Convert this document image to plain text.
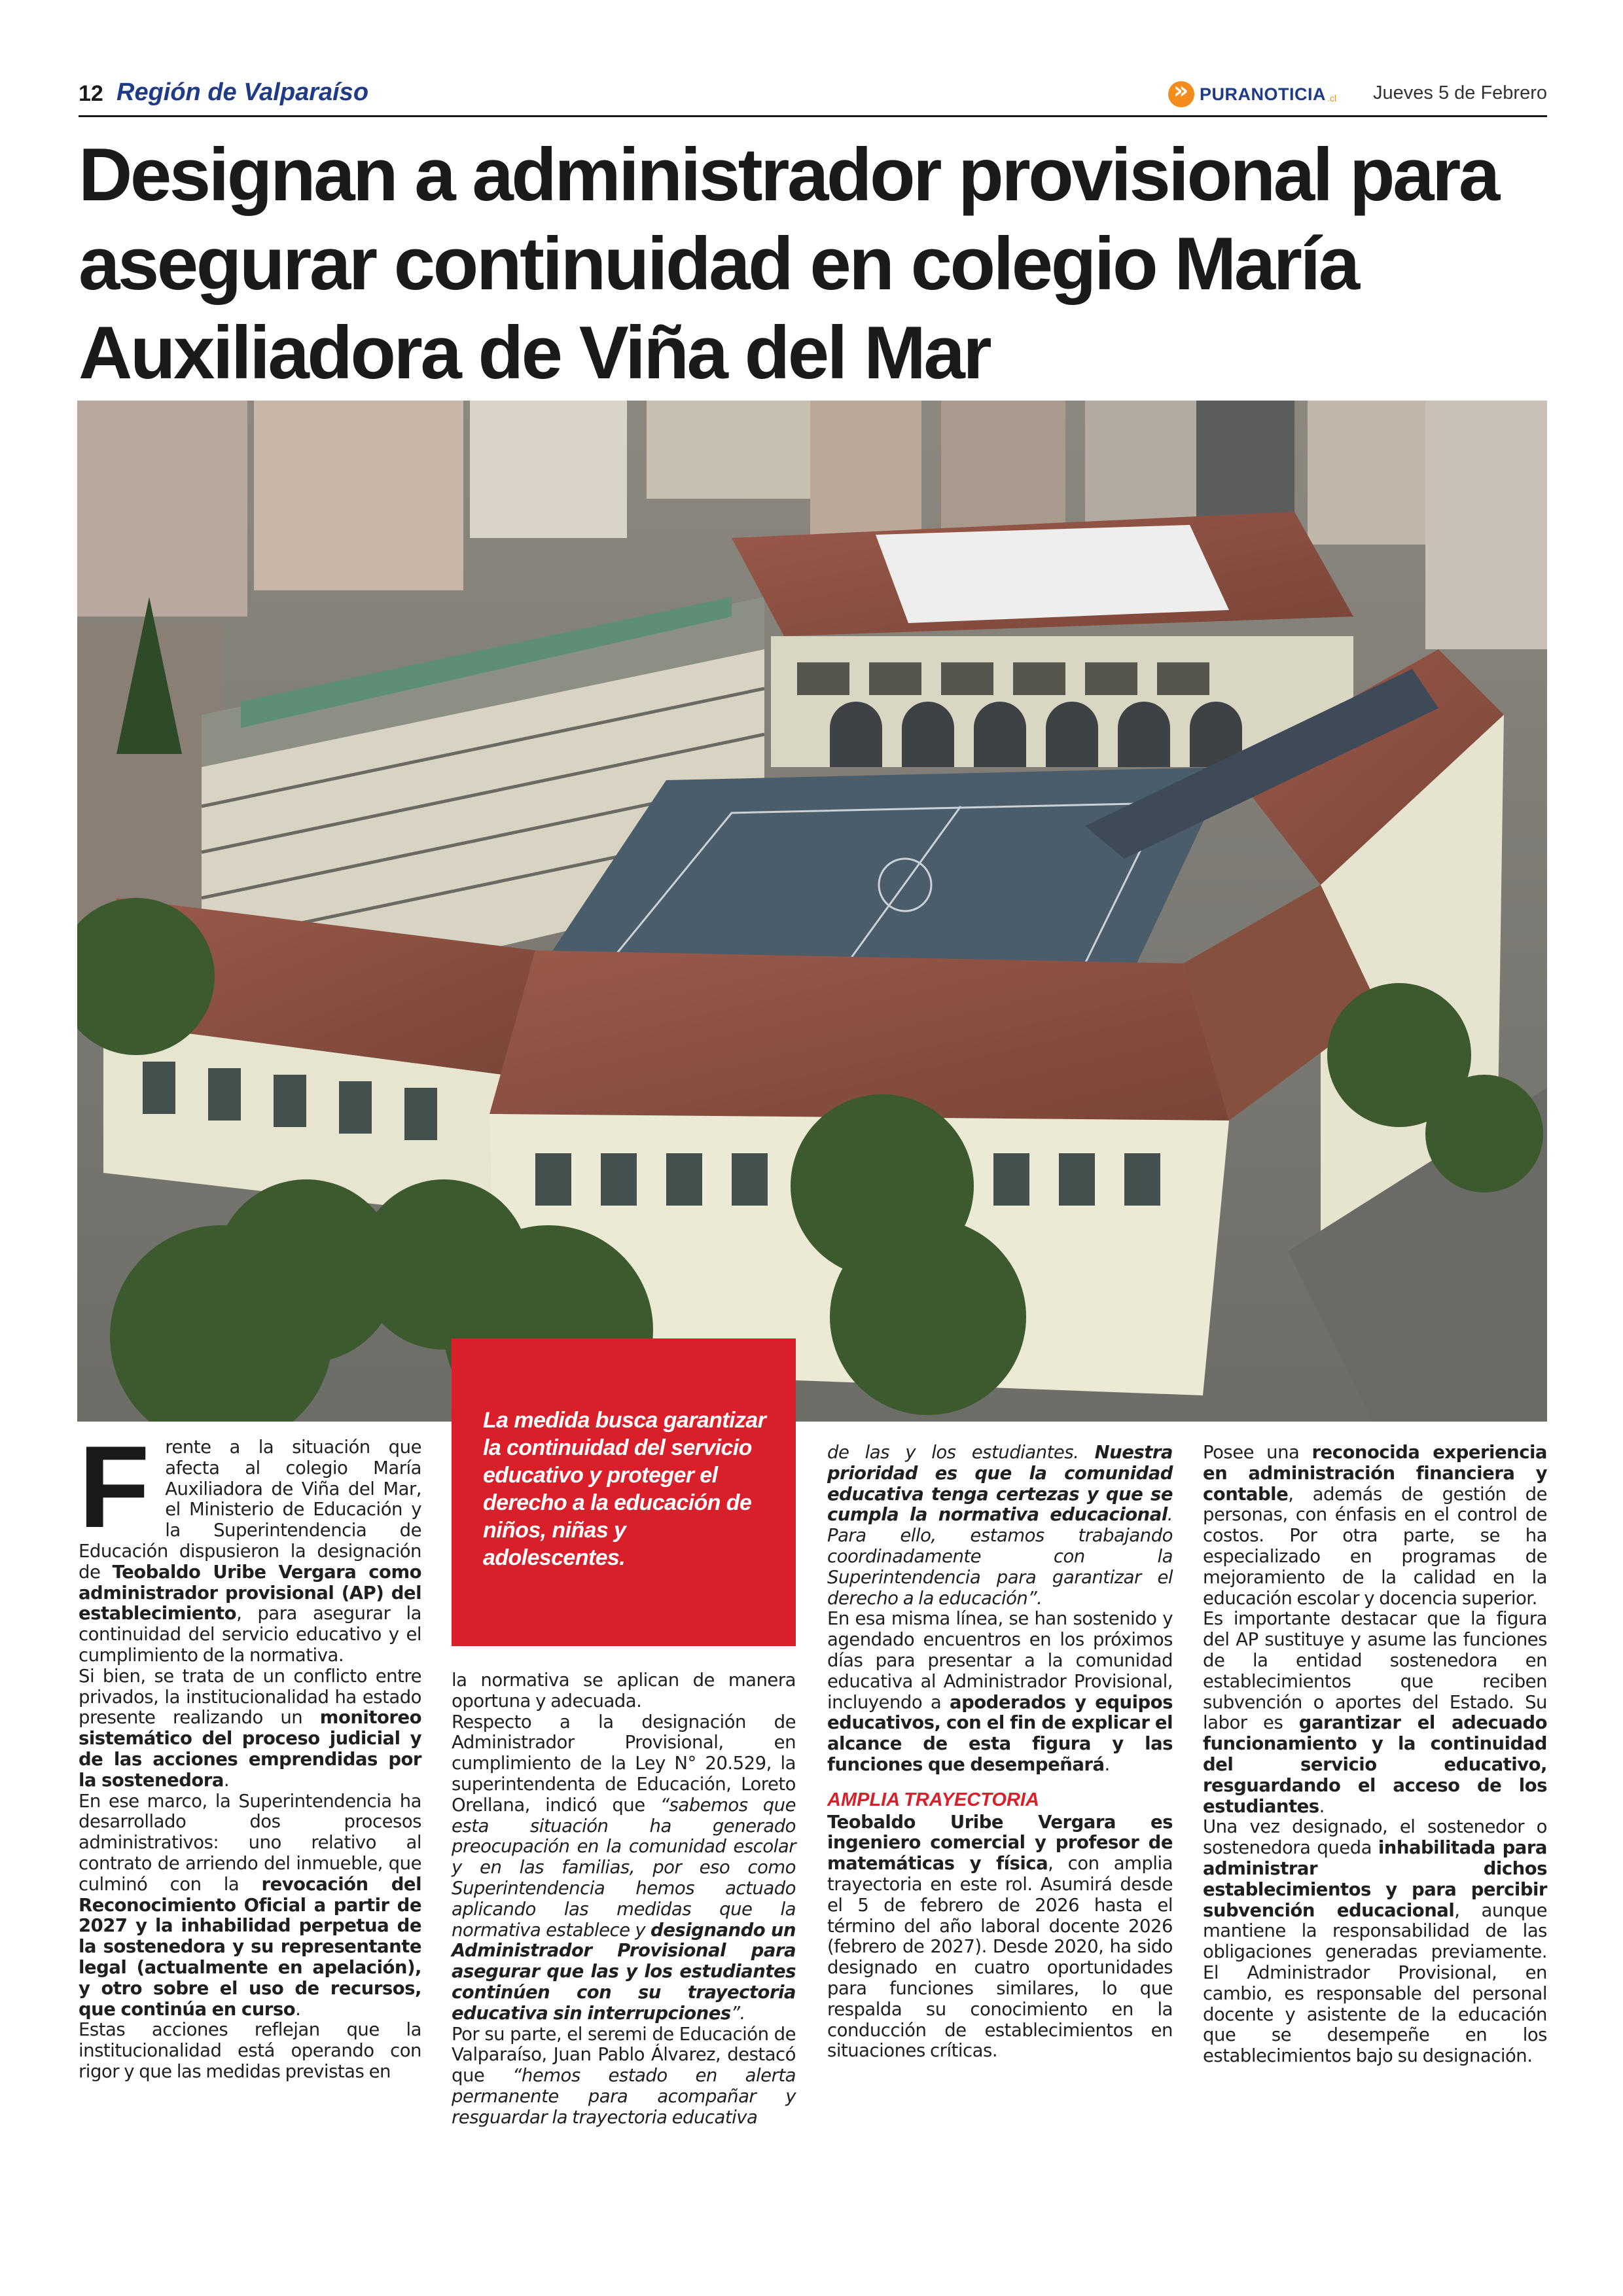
12 Región de Valparaíso
»	PURANOTICIA .cl Jueves 5 de Febrero
Designan a administrador provisional para asegurar continuidad en colegio María Auxiliadora de Viña del Mar

La medida busca garantizar la continuidad del servicio educativo y proteger el derecho a la educación de niños, niñas y adolescentes.

F rente a la situación que afecta al colegio María Auxiliadora de Viña del Mar, el Ministerio de Educación y la Superintendencia de Educación dispusieron la designación de Teobaldo Uribe Vergara como administrador provisional (AP) del establecimiento, para asegurar la continuidad del servicio educativo y el cumplimiento de la normativa.

Si bien, se trata de un conflicto entre privados, la institucionalidad ha estado presente realizando un monitoreo sistemático del proceso judicial y de las acciones emprendidas por la sostenedora.

En ese marco, la Superintendencia ha desarrollado dos procesos administrativos: uno relativo al contrato de arriendo del inmueble, que culminó con la revocación del Reconocimiento Oficial a partir de 2027 y la inhabilidad perpetua de la sostenedora y su representante legal (actualmente en apelación), y otro sobre el uso de recursos, que continúa en curso.

Estas acciones reflejan que la institucionalidad está operando con rigor y que las medidas previstas en

la normativa se aplican de manera oportuna y adecuada.

Respecto a la designación de Administrador Provisional, en cumplimiento de la Ley N° 20.529, la superintendenta de Educación, Loreto Orellana, indicó que “sabemos que esta situación ha generado preocupación en la comunidad escolar y en las familias, por eso como Superintendencia hemos actuado aplicando las medidas que la normativa establece y designando un Administrador Provisional para asegurar que las y los estudiantes continúen con su trayectoria educativa sin interrupciones”.

Por su parte, el seremi de Educación de Valparaíso, Juan Pablo Álvarez, destacó que “hemos estado en alerta permanente para acompañar y resguardar la trayectoria educativa

de las y los estudiantes. Nuestra prioridad es que la comunidad educativa tenga certezas y que se cumpla la normativa educacional. Para ello, estamos trabajando coordinadamente con la Superintendencia para garantizar el derecho a la educación”.

En esa misma línea, se han sostenido y agendado encuentros en los próximos días para presentar a la comunidad educativa al Administrador Provisional, incluyendo a apoderados y equipos educativos, con el fin de explicar el alcance de esta figura y las funciones que desempeñará.

AMPLIA TRAYECTORIA

Teobaldo Uribe Vergara es ingeniero comercial y profesor de matemáticas y física, con amplia trayectoria en este rol. Asumirá desde el 5 de febrero de 2026 hasta el término del año laboral docente 2026 (febrero de 2027). Desde 2020, ha sido designado en cuatro oportunidades para funciones similares, lo que respalda su conocimiento en la conducción de establecimientos en situaciones críticas.

Posee una reconocida experiencia en administración financiera y contable, además de gestión de personas, con énfasis en el control de costos. Por otra parte, se ha especializado en programas de mejoramiento de la calidad en la educación escolar y docencia superior.

Es importante destacar que la figura del AP sustituye y asume las funciones de la entidad sostenedora en establecimientos que reciben subvención o aportes del Estado. Su labor es garantizar el adecuado funcionamiento y la continuidad del servicio educativo, resguardando el acceso de los estudiantes.

Una vez designado, el sostenedor o sostenedora queda inhabilitada para administrar dichos establecimientos y para percibir subvención educacional, aunque mantiene la responsabilidad de las obligaciones generadas previamente. El Administrador Provisional, en cambio, es responsable del personal docente y asistente de la educación que se desempeñe en los establecimientos bajo su designación.
